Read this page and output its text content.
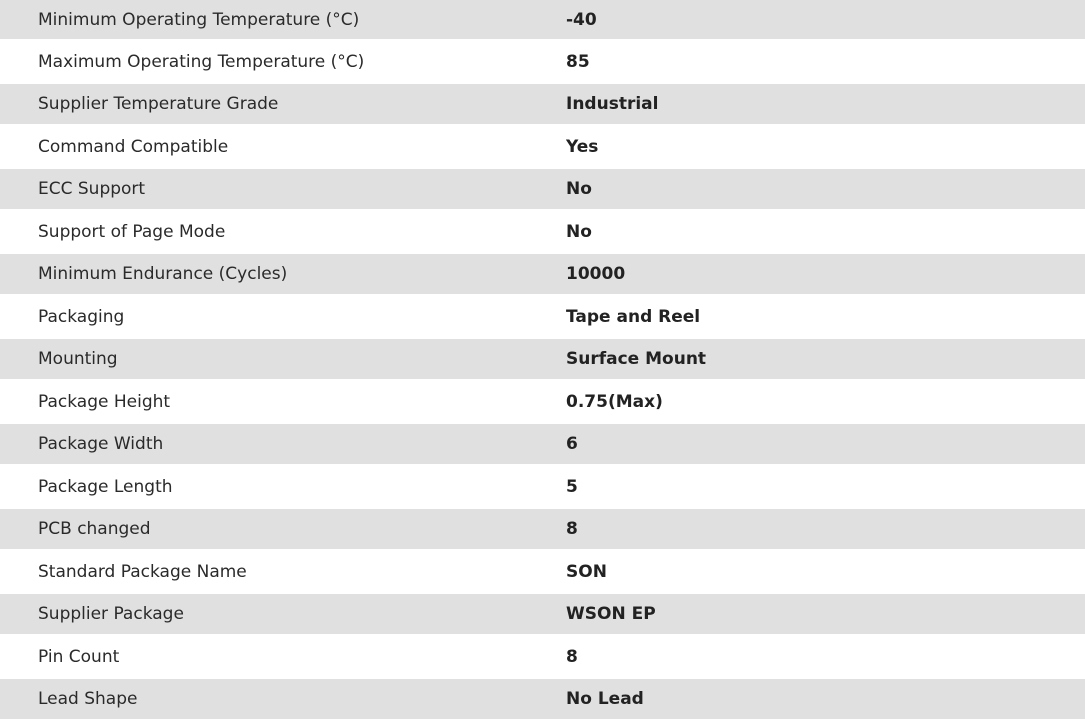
Minimum Operating Temperature (°C)	-40
Maximum Operating Temperature (°C)	85
Supplier Temperature Grade	Industrial
Command Compatible	Yes
ECC Support	No
Support of Page Mode	No
Minimum Endurance (Cycles)	10000
Packaging	Tape and Reel
Mounting	Surface Mount
Package Height	0.75(Max)
Package Width	6
Package Length	5
PCB changed	8
Standard Package Name	SON
Supplier Package	WSON EP
Pin Count	8
Lead Shape	No Lead
